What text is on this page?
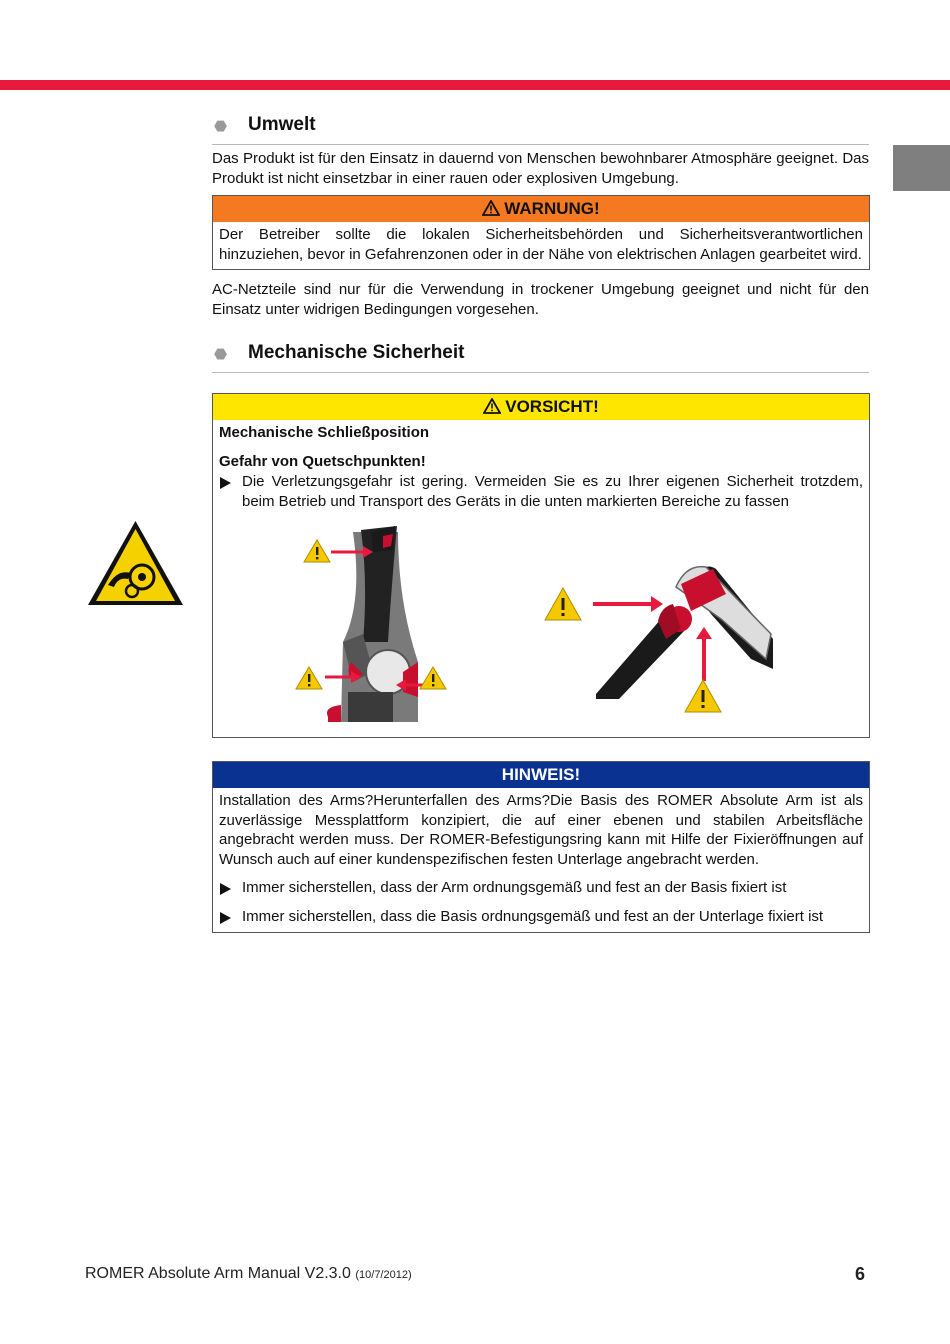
⬣ Umwelt
Das Produkt ist für den Einsatz in dauernd von Menschen bewohnbarer Atmosphäre geeignet. Das Produkt ist nicht einsetzbar in einer rauen oder explosiven Umgebung.
WARNUNG!
Der Betreiber sollte die lokalen Sicherheitsbehörden und Sicherheitsverantwortlichen hinzuziehen, bevor in Gefahrenzonen oder in der Nähe von elektrischen Anlagen gearbeitet wird.
AC-Netzteile sind nur für die Verwendung in trockener Umgebung geeignet und nicht für den Einsatz unter widrigen Bedingungen vorgesehen.
⬣ Mechanische Sicherheit
VORSICHT!
Mechanische Schließposition
Gefahr von Quetschpunkten!
Die Verletzungsgefahr ist gering. Vermeiden Sie es zu Ihrer eigenen Sicherheit trotzdem, beim Betrieb und Transport des Geräts in die unten markierten Bereiche zu fassen
HINWEIS!
Installation des Arms?Herunterfallen des Arms?Die Basis des ROMER Absolute Arm ist als zuverlässige Messplattform konzipiert, die auf einer ebenen und stabilen Arbeitsfläche angebracht werden muss. Der ROMER-Befestigungsring kann mit Hilfe der Fixieröffnungen auf Wunsch auch auf einer kundenspezifischen festen Unterlage angebracht werden.
Immer sicherstellen, dass der Arm ordnungsgemäß und fest an der Basis fixiert ist
Immer sicherstellen, dass die Basis ordnungsgemäß und fest an der Unterlage fixiert ist
ROMER Absolute Arm Manual V2.3.0 (10/7/2012)	6
